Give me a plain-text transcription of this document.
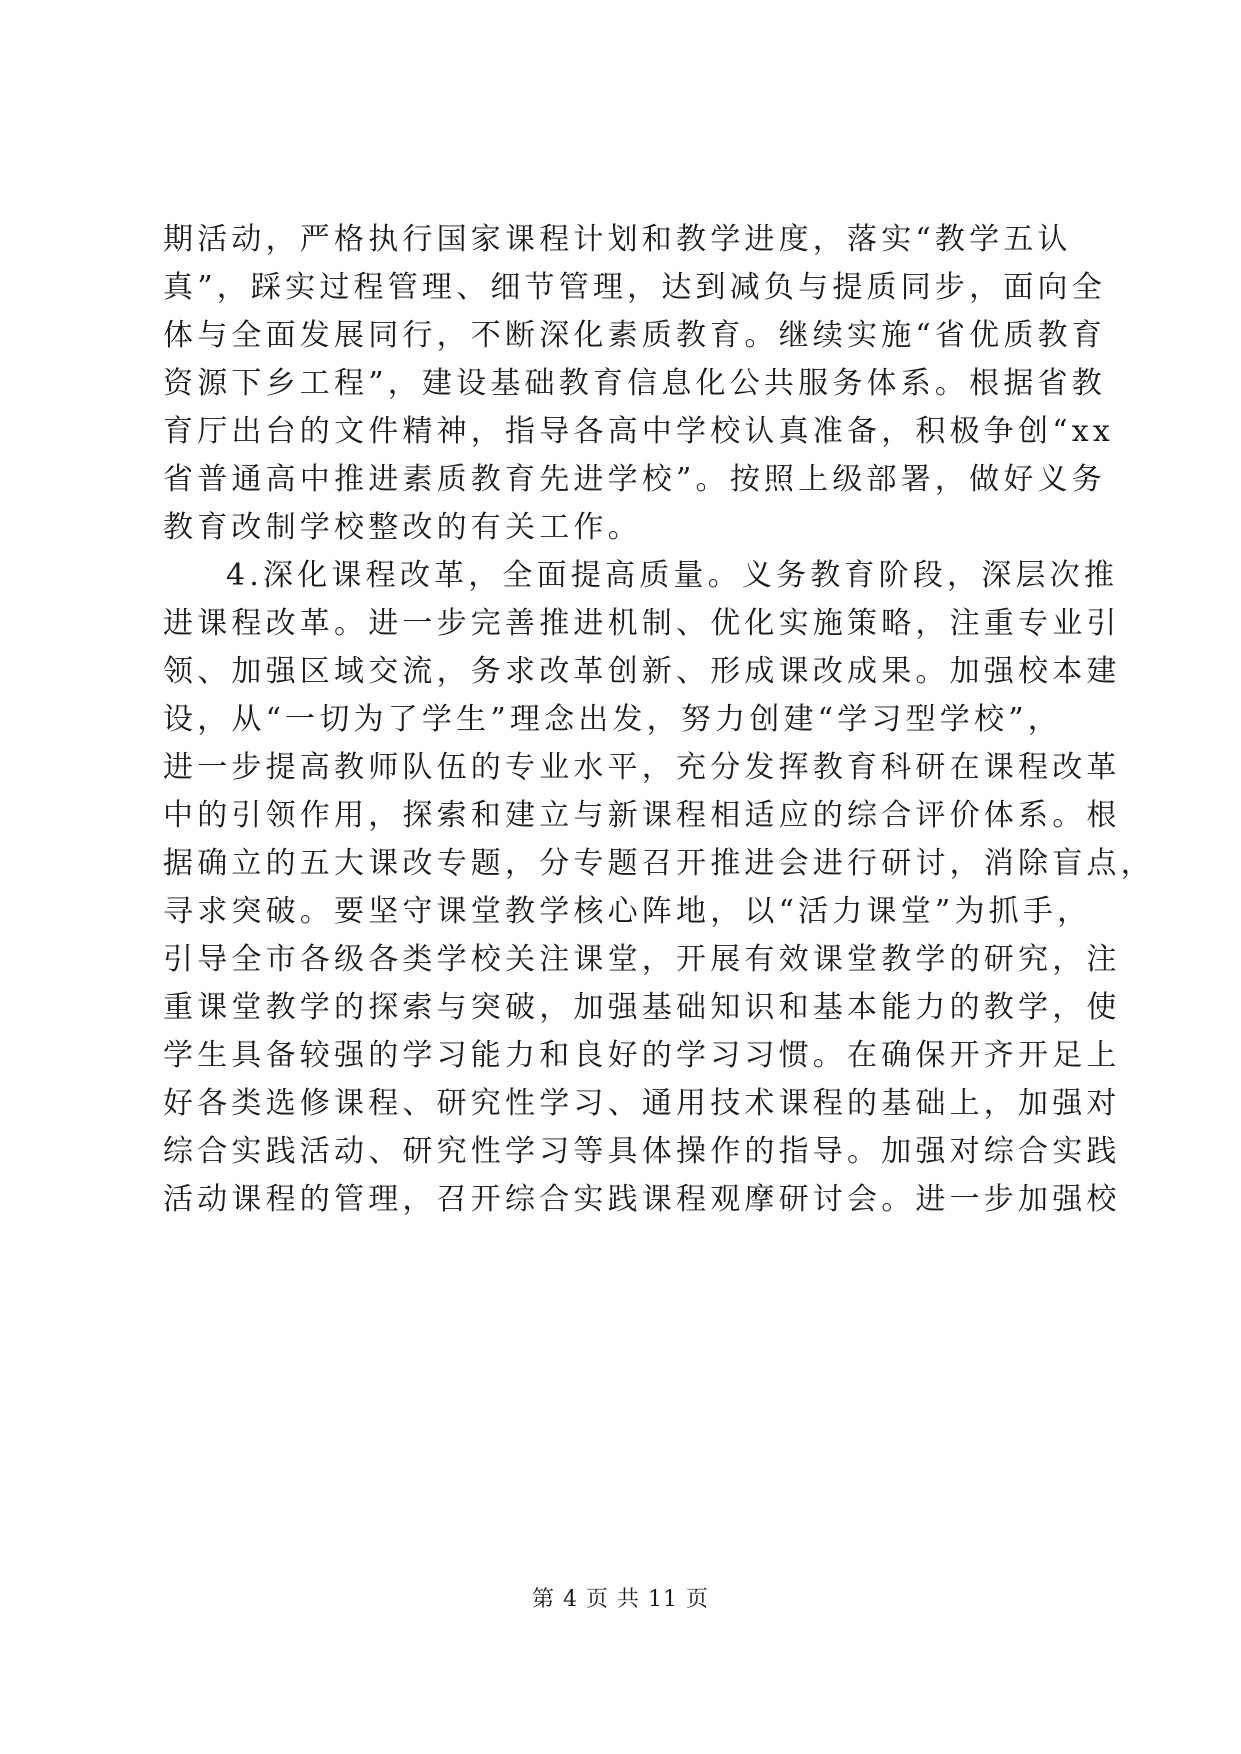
期活动，严格执行国家课程计划和教学进度，落实“教学五认
真”，踩实过程管理、细节管理，达到减负与提质同步，面向全
体与全面发展同行，不断深化素质教育。继续实施“省优质教育
资源下乡工程”，建设基础教育信息化公共服务体系。根据省教
育厅出台的文件精神，指导各高中学校认真准备，积极争创“xx
省普通高中推进素质教育先进学校”。按照上级部署，做好义务
教育改制学校整改的有关工作。
4.深化课程改革，全面提高质量。义务教育阶段，深层次推
进课程改革。进一步完善推进机制、优化实施策略，注重专业引
领、加强区域交流，务求改革创新、形成课改成果。加强校本建
设，从“一切为了学生”理念出发，努力创建“学习型学校”，
进一步提高教师队伍的专业水平，充分发挥教育科研在课程改革
中的引领作用，探索和建立与新课程相适应的综合评价体系。根
据确立的五大课改专题，分专题召开推进会进行研讨，消除盲点，
寻求突破。要坚守课堂教学核心阵地，以“活力课堂”为抓手，
引导全市各级各类学校关注课堂，开展有效课堂教学的研究，注
重课堂教学的探索与突破，加强基础知识和基本能力的教学，使
学生具备较强的学习能力和良好的学习习惯。在确保开齐开足上
好各类选修课程、研究性学习、通用技术课程的基础上，加强对
综合实践活动、研究性学习等具体操作的指导。加强对综合实践
活动课程的管理，召开综合实践课程观摩研讨会。进一步加强校
第 4 页 共 11 页
